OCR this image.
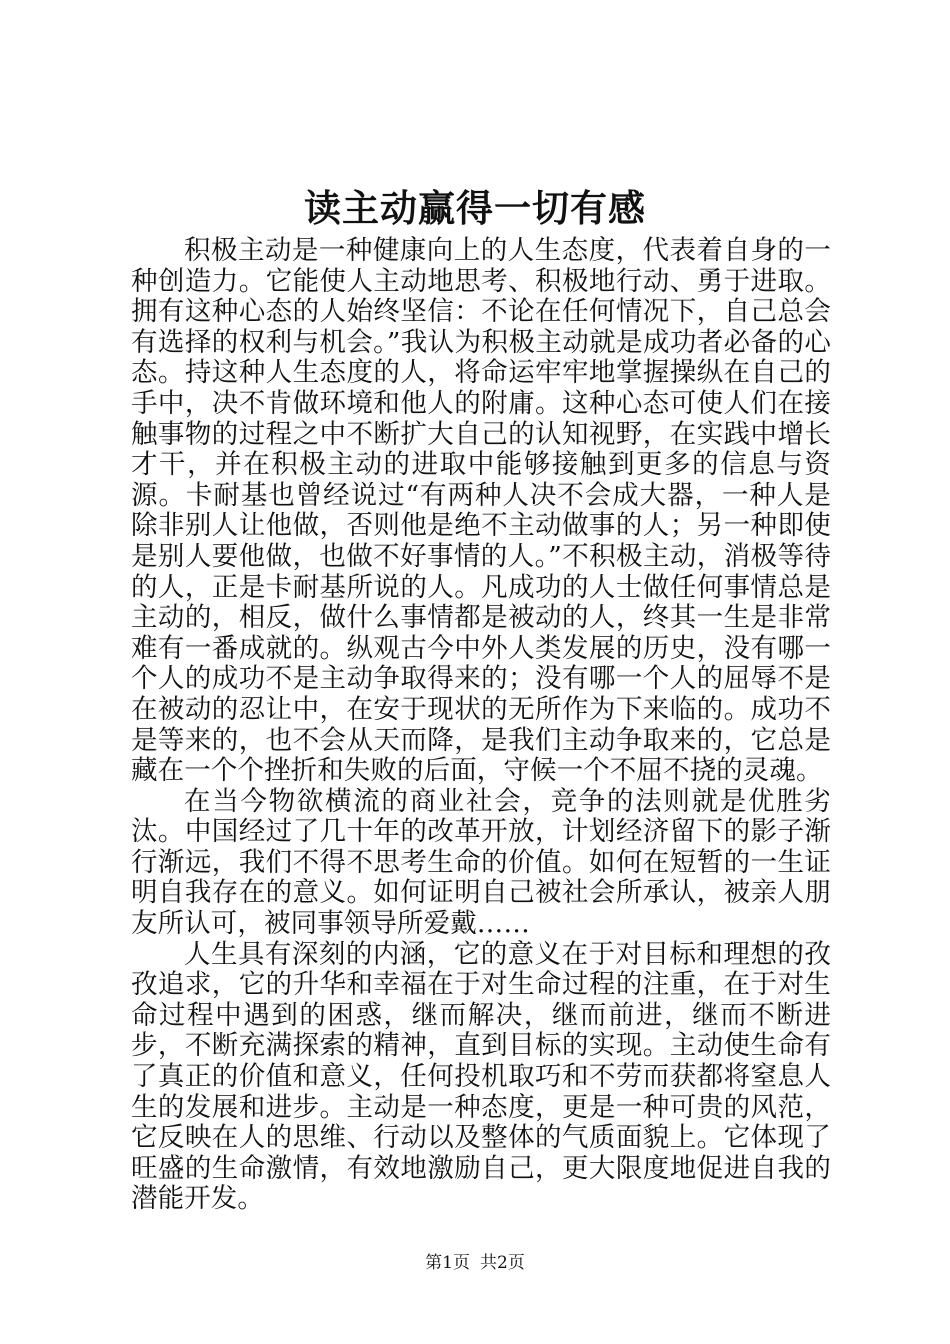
读主动赢得一切有感

积极主动是一种健康向上的人生态度，代表着自身的一种创造力。它能使人主动地思考、积极地行动、勇于进取。拥有这种心态的人始终坚信：不论在任何情况下，自己总会有选择的权利与机会。”我认为积极主动就是成功者必备的心态。持这种人生态度的人，将命运牢牢地掌握操纵在自己的手中，决不肯做环境和他人的附庸。这种心态可使人们在接触事物的过程之中不断扩大自己的认知视野，在实践中增长才干，并在积极主动的进取中能够接触到更多的信息与资源。卡耐基也曾经说过“有两种人决不会成大器，一种人是除非别人让他做，否则他是绝不主动做事的人；另一种即使是别人要他做，也做不好事情的人。”不积极主动，消极等待的人，正是卡耐基所说的人。凡成功的人士做任何事情总是主动的，相反，做什么事情都是被动的人，终其一生是非常难有一番成就的。纵观古今中外人类发展的历史，没有哪一个人的成功不是主动争取得来的；没有哪一个人的屈辱不是在被动的忍让中，在安于现状的无所作为下来临的。成功不是等来的，也不会从天而降，是我们主动争取来的，它总是藏在一个个挫折和失败的后面，守候一个不屈不挠的灵魂。

在当今物欲横流的商业社会，竞争的法则就是优胜劣汰。中国经过了几十年的改革开放，计划经济留下的影子渐行渐远，我们不得不思考生命的价值。如何在短暂的一生证明自我存在的意义。如何证明自己被社会所承认，被亲人朋友所认可，被同事领导所爱戴……

人生具有深刻的内涵，它的意义在于对目标和理想的孜孜追求，它的升华和幸福在于对生命过程的注重，在于对生命过程中遇到的困惑，继而解决，继而前进，继而不断进步，不断充满探索的精神，直到目标的实现。主动使生命有了真正的价值和意义，任何投机取巧和不劳而获都将窒息人生的发展和进步。主动是一种态度，更是一种可贵的风范，它反映在人的思维、行动以及整体的气质面貌上。它体现了旺盛的生命激情，有效地激励自己，更大限度地促进自我的潜能开发。

第1页 共2页
